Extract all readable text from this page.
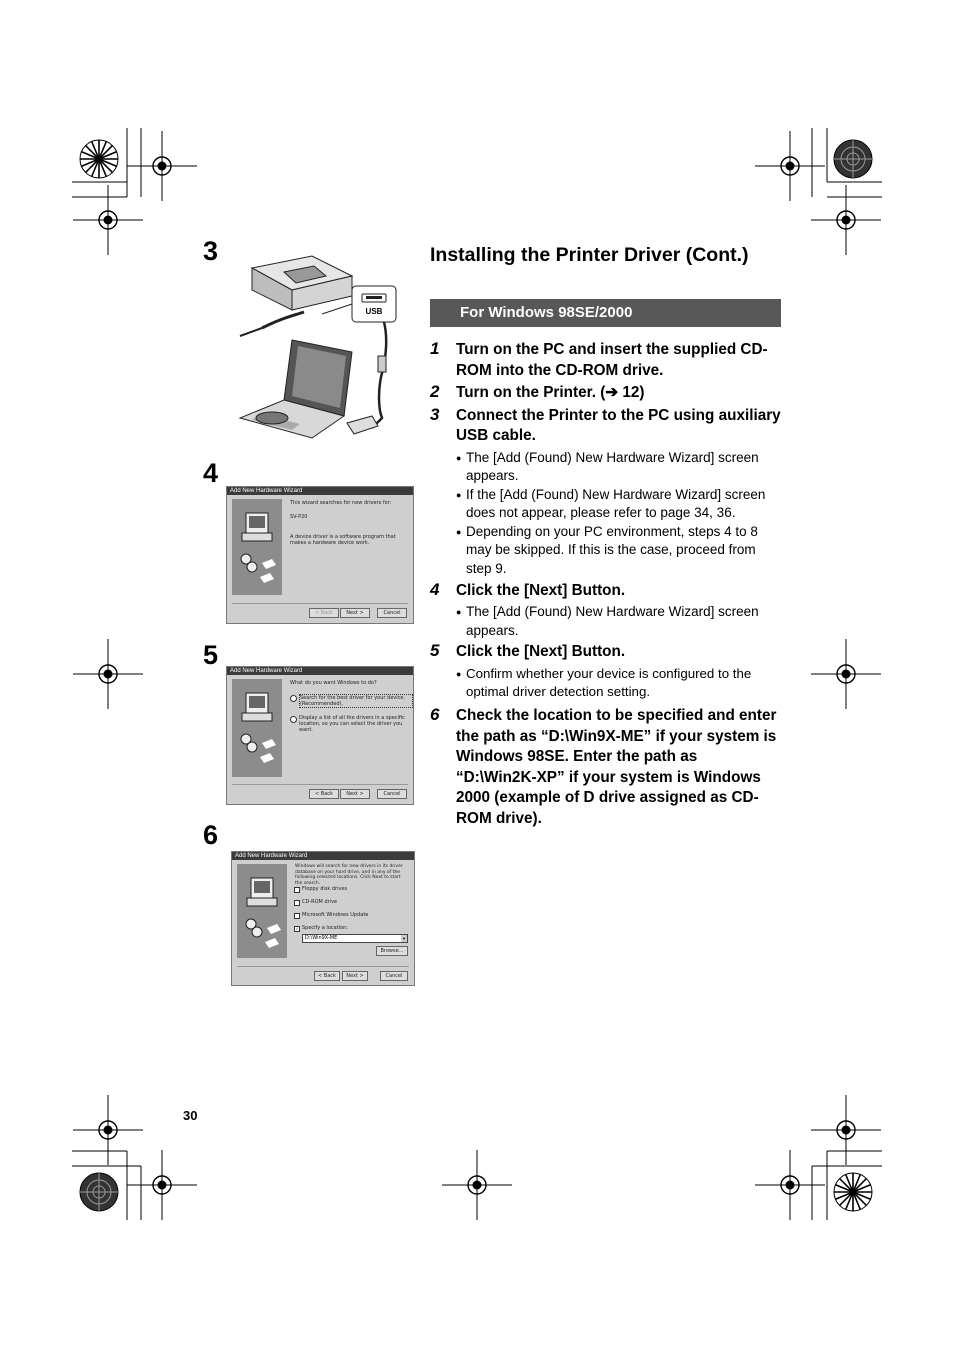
3
4
5
6
USB
Add New Hardware Wizard
This wizard searches for new drivers for:
SV-P20
A device driver is a software program that makes a hardware device work.
< Back	Next >	Cancel
Add New Hardware Wizard
What do you want Windows to do?
Search for the best driver for your device. (Recommended).
Display a list of all the drivers in a specific location, so you can select the driver you want.
< Back	Next >	Cancel
Add New Hardware Wizard
Windows will search for new drivers in its driver database on your hard drive, and in any of the following selected locations. Click Next to start the search.
Floppy disk drives
CD-ROM drive
Microsoft Windows Update
✓ Specify a location:
D:\Win9X-ME	▼
Browse...
< Back	Next >	Cancel
Installing the Printer Driver (Cont.)
For Windows 98SE/2000
1 Turn on the PC and insert the supplied CD-ROM into the CD-ROM drive.
2 Turn on the Printer. (➔ 12)
3 Connect the Printer to the PC using auxiliary USB cable.
● The [Add (Found) New Hardware Wizard] screen appears.
● If the [Add (Found) New Hardware Wizard] screen does not appear, please refer to page 34, 36.
● Depending on your PC environment, steps 4 to 8 may be skipped. If this is the case, proceed from step 9.
4 Click the [Next] Button.
● The [Add (Found) New Hardware Wizard] screen appears.
5 Click the [Next] Button.
● Confirm whether your device is configured to the optimal driver detection setting.
6 Check the location to be specified and enter the path as “D:\Win9X-ME” if your system is Windows 98SE. Enter the path as “D:\Win2K-XP” if your system is Windows 2000 (example of D drive assigned as CD-ROM drive).
30
